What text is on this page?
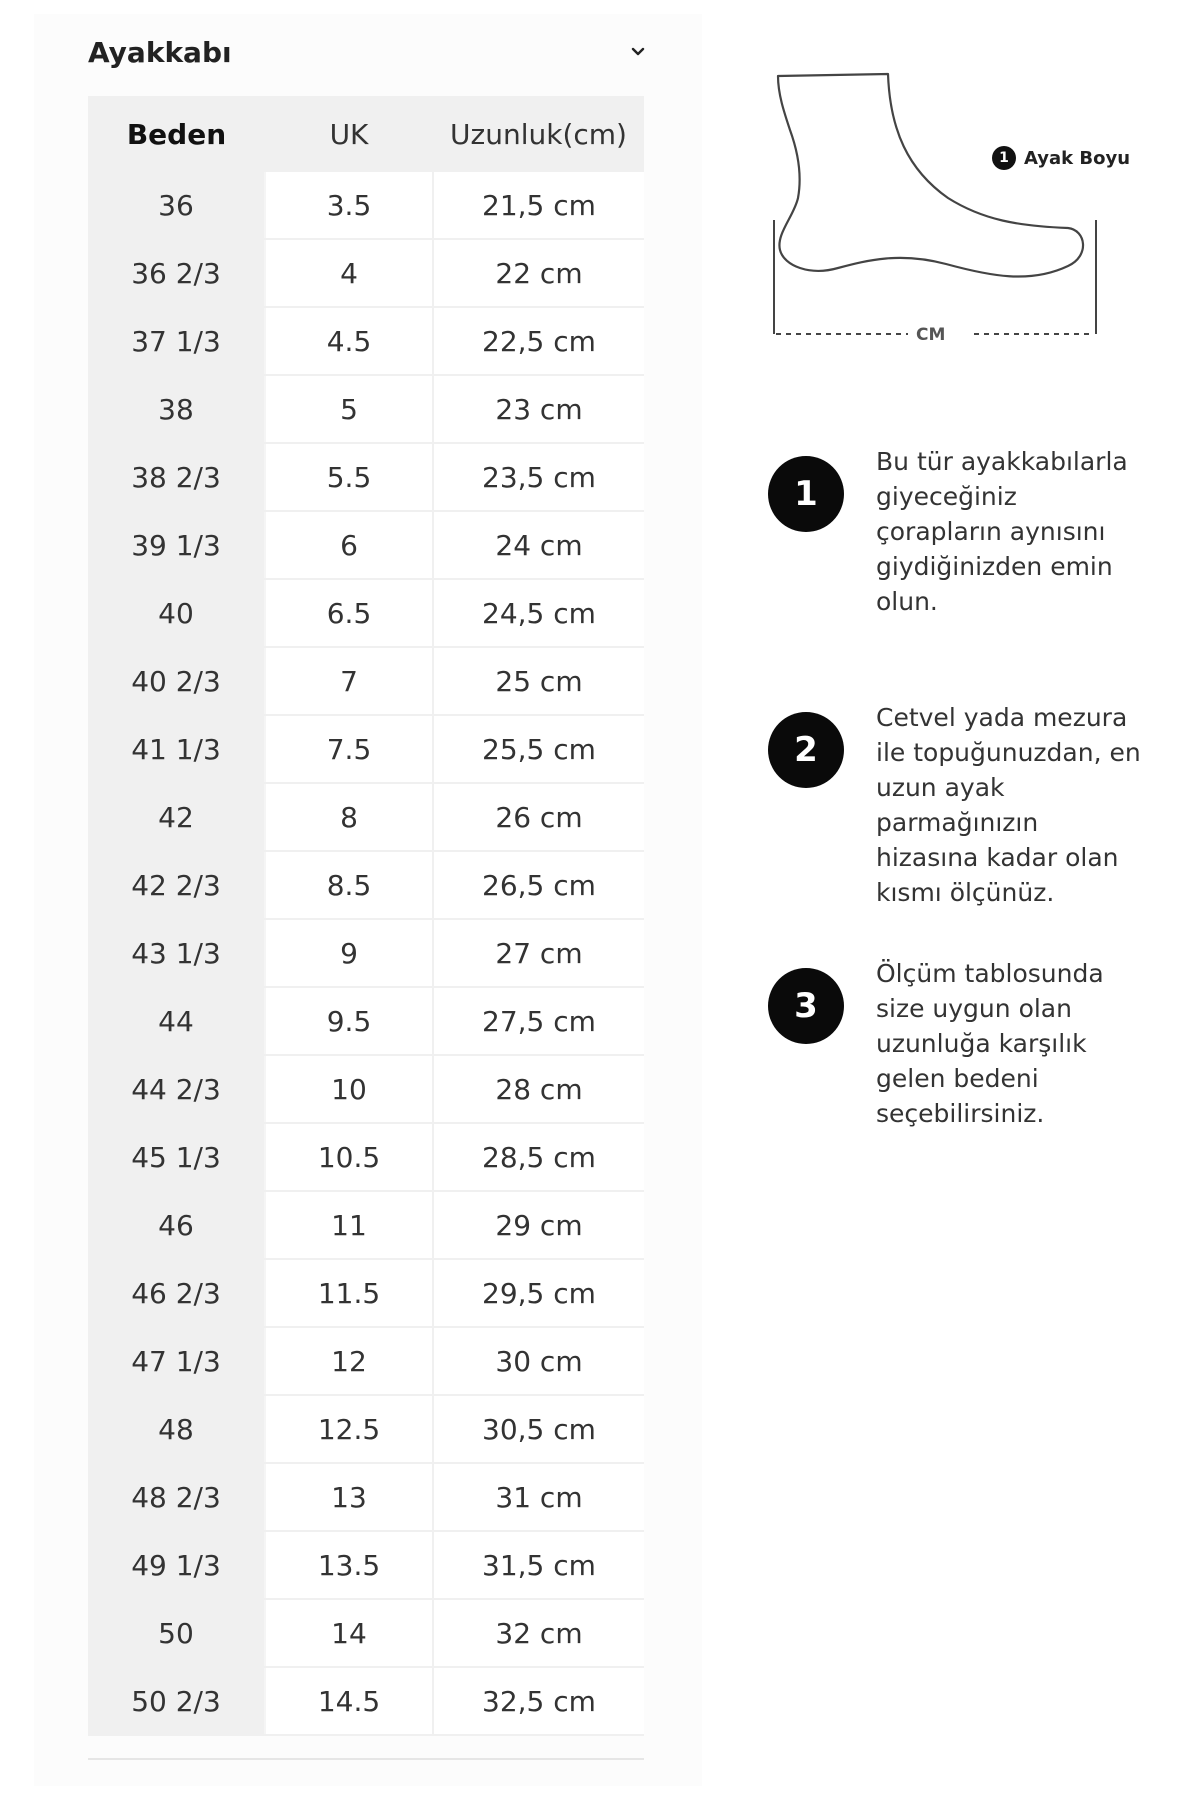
Ayakkabı
Beden	UK	Uzunluk(cm)
36	3.5	21,5 cm
36 2/3	4	22 cm
37 1/3	4.5	22,5 cm
38	5	23 cm
38 2/3	5.5	23,5 cm
39 1/3	6	24 cm
40	6.5	24,5 cm
40 2/3	7	25 cm
41 1/3	7.5	25,5 cm
42	8	26 cm
42 2/3	8.5	26,5 cm
43 1/3	9	27 cm
44	9.5	27,5 cm
44 2/3	10	28 cm
45 1/3	10.5	28,5 cm
46	11	29 cm
46 2/3	11.5	29,5 cm
47 1/3	12	30 cm
48	12.5	30,5 cm
48 2/3	13	31 cm
49 1/3	13.5	31,5 cm
50	14	32 cm
50 2/3	14.5	32,5 cm
1 Ayak Boyu
CM
1
Bu tür ayakkabılarla giyeceğiniz çorapların aynısını giydiğinizden emin olun.
2
Cetvel yada mezura ile topuğunuzdan, en uzun ayak parmağınızın hizasına kadar olan kısmı ölçünüz.
3
Ölçüm tablosunda size uygun olan uzunluğa karşılık gelen bedeni seçebilirsiniz.
